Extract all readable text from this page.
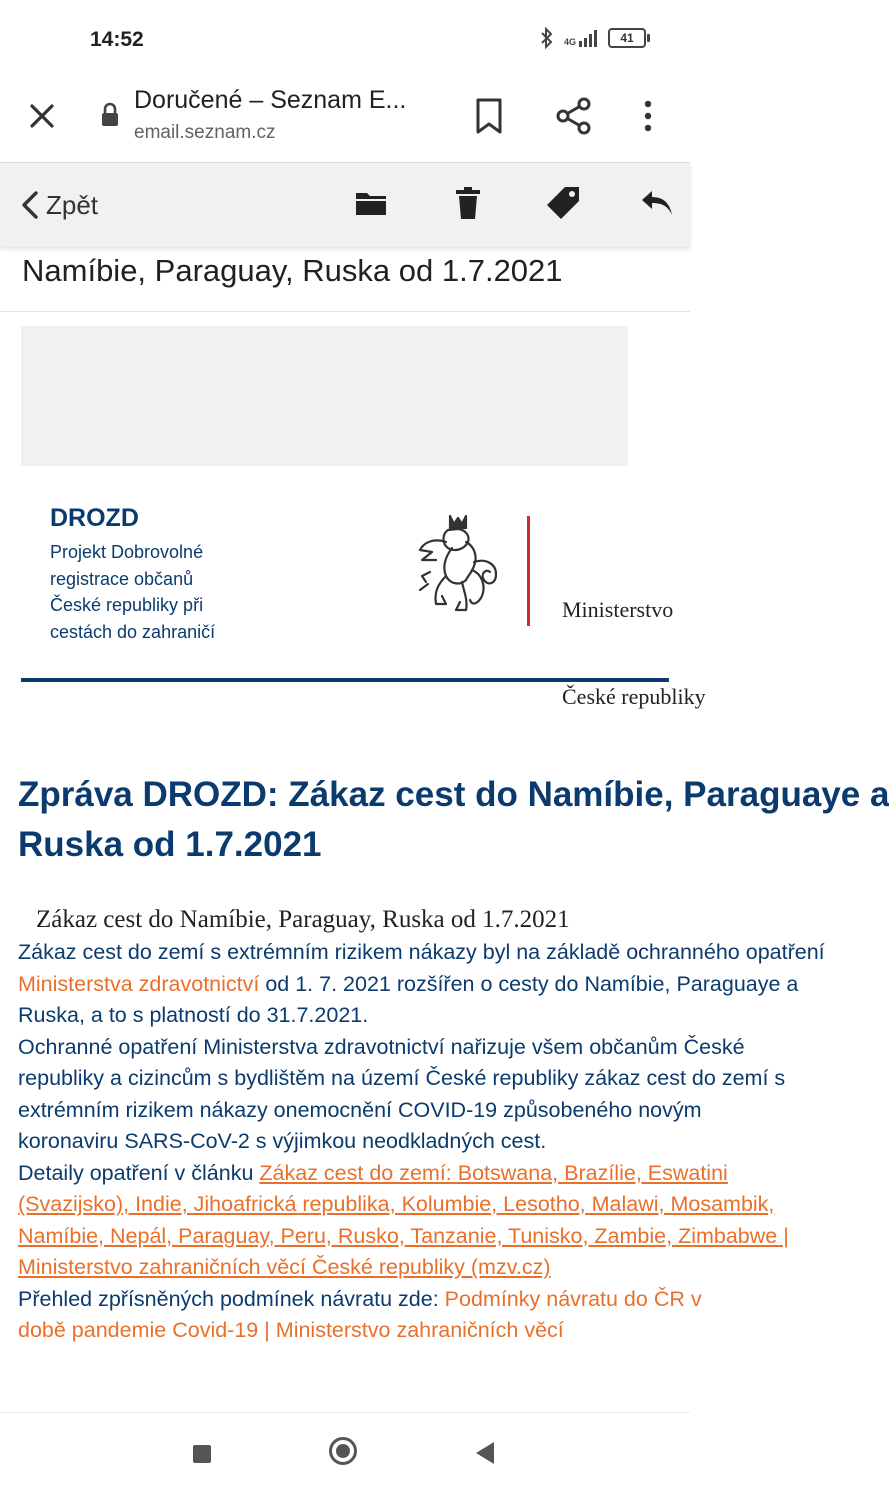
14:52	4G	41
Doručené – Seznam E...
email.seznam.cz
Zpět
Namíbie, Paraguay, Ruska od 1.7.2021
DROZD
Projekt Dobrovolné
registrace občanů
České republiky při
cestách do zahraničí

Ministerstvo

České republiky

Zpráva DROZD: Zákaz cest do Namíbie, Paraguaye a
Ruska od 1.7.2021
Zákaz cest do Namíbie, Paraguay, Ruska od 1.7.2021
Zákaz cest do zemí s extrémním rizikem nákazy byl na základě ochranného opatření
Ministerstva zdravotnictví od 1. 7. 2021 rozšířen o cesty do Namíbie, Paraguaye a
Ruska, a to s platností do 31.7.2021.
Ochranné opatření Ministerstva zdravotnictví nařizuje všem občanům České
republiky a cizincům s bydlištěm na území České republiky zákaz cest do zemí s
extrémním rizikem nákazy onemocnění COVID-19 způsobeného novým
koronaviru SARS-CoV-2 s výjimkou neodkladných cest.
Detaily opatření v článku Zákaz cest do zemí: Botswana, Brazílie, Eswatini
(Svazijsko), Indie, Jihoafrická republika, Kolumbie, Lesotho, Malawi, Mosambik,
Namíbie, Nepál, Paraguay, Peru, Rusko, Tanzanie, Tunisko, Zambie, Zimbabwe |
Ministerstvo zahraničních věcí České republiky (mzv.cz)
Přehled zpřísněných podmínek návratu zde: Podmínky návratu do ČR v
době pandemie Covid-19 | Ministerstvo zahraničních věcí
